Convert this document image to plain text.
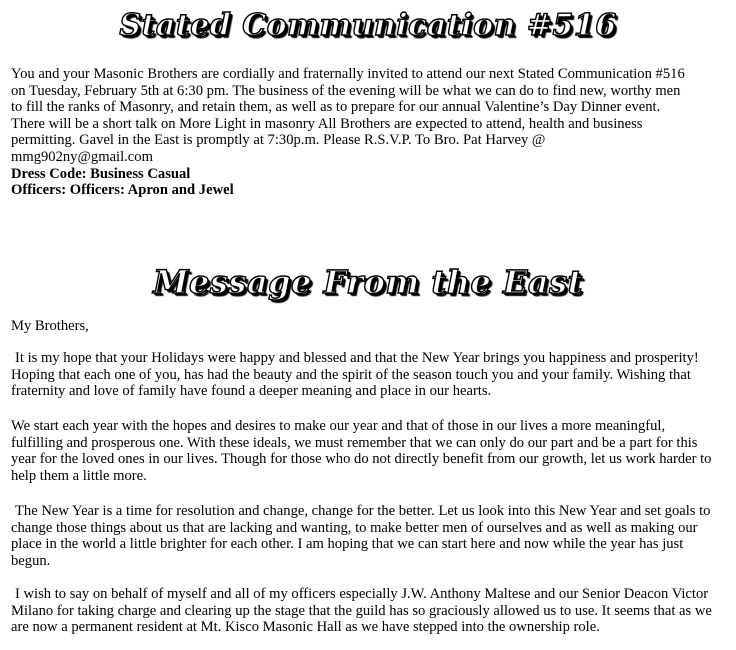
Stated Communication #516

You and your Masonic Brothers are cordially and fraternally invited to attend our next Stated Communication #516

on Tuesday, February 5th at 6:30 pm. The business of the evening will be what we can do to find new, worthy men

to fill the ranks of Masonry, and retain them, as well as to prepare for our annual Valentine’s Day Dinner event.

There will be a short talk on More Light in masonry All Brothers are expected to attend, health and business

permitting. Gavel in the East is promptly at 7:30p.m. Please R.S.V.P. To Bro. Pat Harvey @

mmg902ny@gmail.com

Dress Code: Business Casual

Officers: Officers: Apron and Jewel

Message From the East

My Brothers,

It is my hope that your Holidays were happy and blessed and that the New Year brings you happiness and prosperity!

Hoping that each one of you, has had the beauty and the spirit of the season touch you and your family. Wishing that

fraternity and love of family have found a deeper meaning and place in our hearts.

We start each year with the hopes and desires to make our year and that of those in our lives a more meaningful,

fulfilling and prosperous one. With these ideals, we must remember that we can only do our part and be a part for this

year for the loved ones in our lives. Though for those who do not directly benefit from our growth, let us work harder to

help them a little more.

The New Year is a time for resolution and change, change for the better. Let us look into this New Year and set goals to

change those things about us that are lacking and wanting, to make better men of ourselves and as well as making our

place in the world a little brighter for each other. I am hoping that we can start here and now while the year has just

begun.

I wish to say on behalf of myself and all of my officers especially J.W. Anthony Maltese and our Senior Deacon Victor

Milano for taking charge and clearing up the stage that the guild has so graciously allowed us to use. It seems that as we

are now a permanent resident at Mt. Kisco Masonic Hall as we have stepped into the ownership role.
